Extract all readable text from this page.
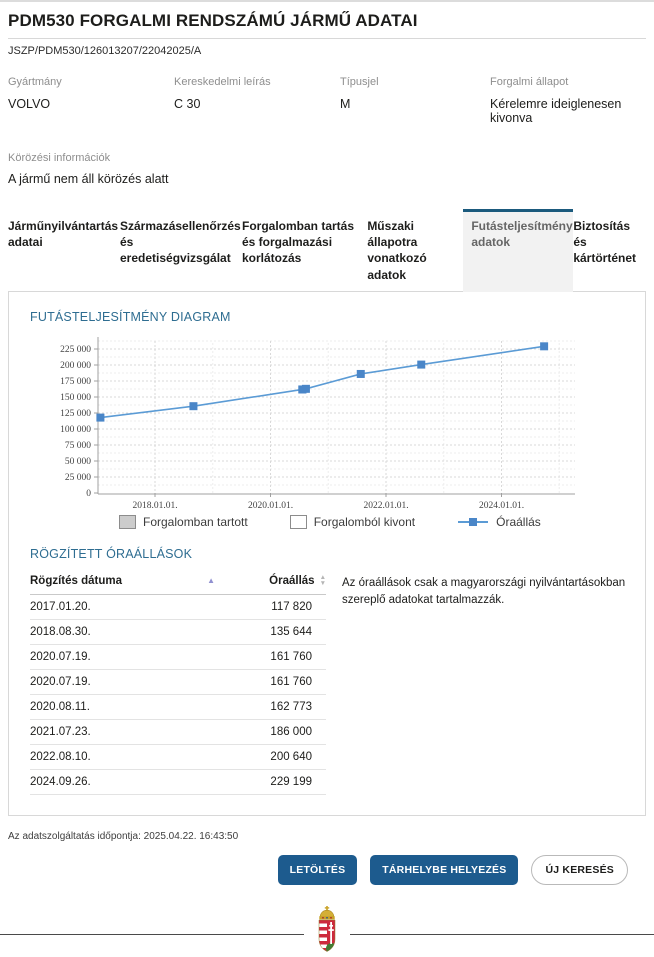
PDM530 FORGALMI RENDSZÁMÚ JÁRMŰ ADATAI
JSZP/PDM530/126013207/22042025/A
Gyártmány
VOLVO
Kereskedelmi leírás
C 30
Típusjel
M
Forgalmi állapot
Kérelemre ideiglenesen kivonva
Körözési információk
A jármű nem áll körözés alatt
Járműnyilvántartás adatai
Származásellenőrzés és eredetiségvizsgálat
Forgalomban tartás és forgalmazási korlátozás
Műszaki állapotra vonatkozó adatok
Futásteljesítmény adatok
Biztosítás és kártörténet
FUTÁSTELJESÍTMÉNY DIAGRAM
0
25 000
50 000
75 000
100 000
125 000
150 000
175 000
200 000
225 000
2018.01.01.	2020.01.01.	2022.01.01.	2024.01.01.
Forgalomban tartott	Forgalomból kivont	Óraállás
RÖGZÍTETT ÓRAÁLLÁSOK
Rögzítés dátuma	▲	Óraállás ▲
▼
2017.01.20.	117 820
2018.08.30.	135 644
2020.07.19.	161 760
2020.07.19.	161 760
2020.08.11.	162 773
2021.07.23.	186 000
2022.08.10.	200 640
2024.09.26.	229 199
Az óraállások csak a magyarországi nyilvántartásokban szereplő adatokat tartalmazzák.
Az adatszolgáltatás időpontja: 2025.04.22. 16:43:50
LETÖLTÉS	TÁRHELYBE HELYEZÉS	ÚJ KERESÉS
